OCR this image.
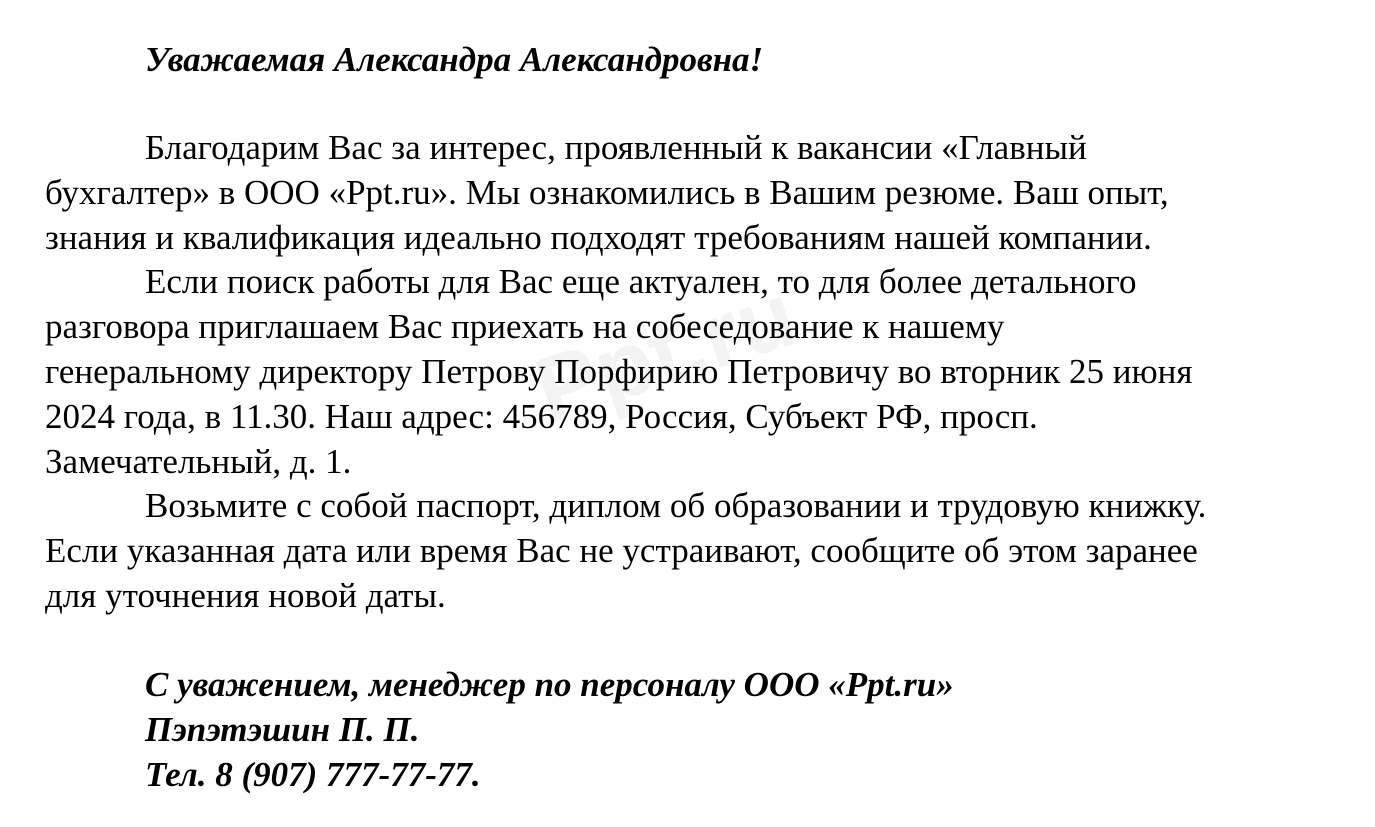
Уважаемая Александра Александровна!

Благодарим Вас за интерес, проявленный к вакансии «Главный

бухгалтер» в ООО «Ppt.ru». Мы ознакомились в Вашим резюме. Ваш опыт,

знания и квалификация идеально подходят требованиям нашей компании.

Если поиск работы для Вас еще актуален, то для более детального

разговора приглашаем Вас приехать на собеседование к нашему

генеральному директору Петрову Порфирию Петровичу во вторник 25 июня

2024 года, в 11.30. Наш адрес: 456789, Россия, Субъект РФ, просп.

Замечательный, д. 1.

Возьмите с собой паспорт, диплом об образовании и трудовую книжку.

Если указанная дата или время Вас не устраивают, сообщите об этом заранее

для уточнения новой даты.

С уважением, менеджер по персоналу ООО «Ppt.ru»

Пэпэтэшин П. П.

Тел. 8 (907) 777-77-77.
